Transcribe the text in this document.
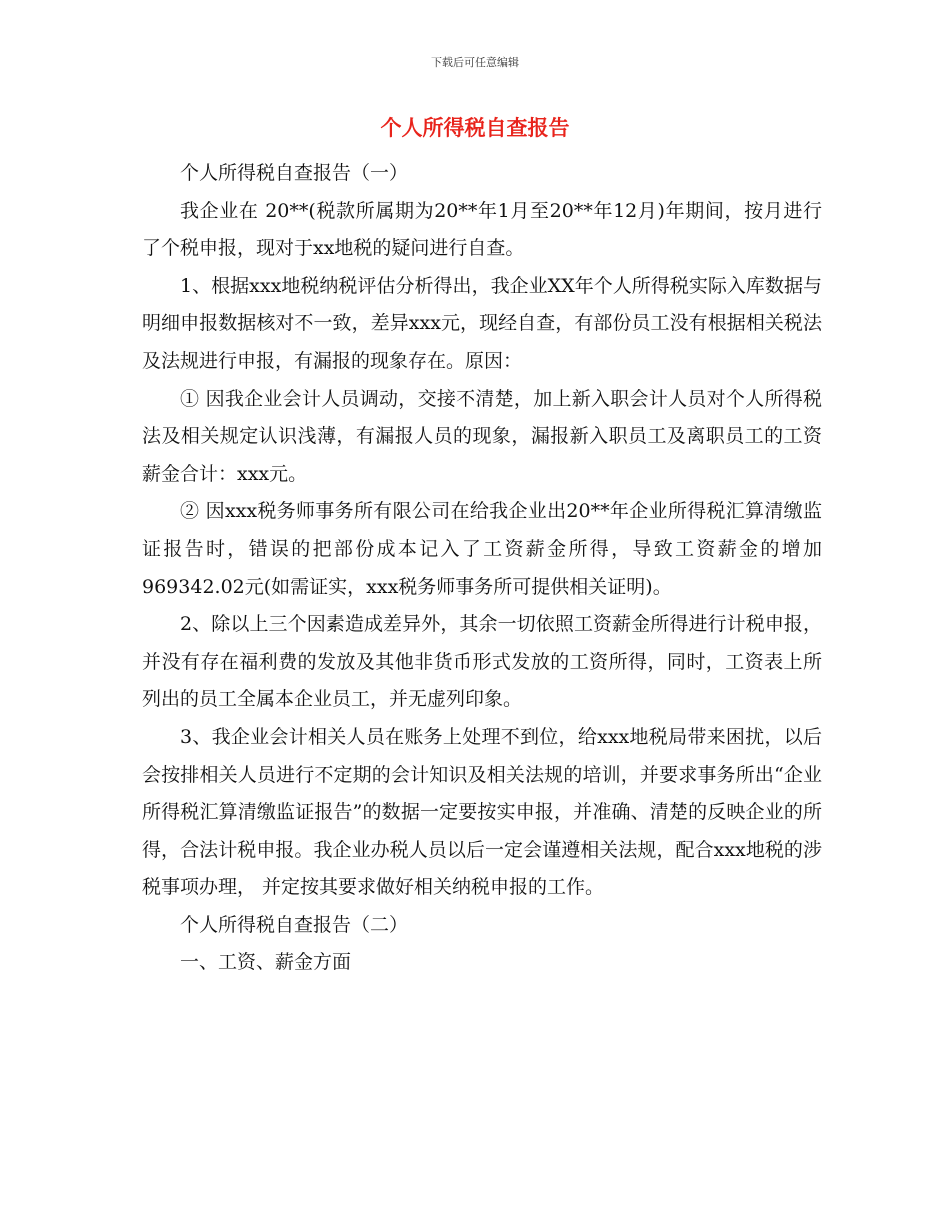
下载后可任意编辑
个人所得税自查报告

个人所得税自查报告（一）

我企业在 20**(税款所属期为20**年1月至20**年12月)年期间，按月进行了个税申报，现对于xx地税的疑问进行自查。

1、根据xxx地税纳税评估分析得出，我企业XX年个人所得税实际入库数据与明细申报数据核对不一致，差异xxx元，现经自查，有部份员工没有根据相关税法及法规进行申报，有漏报的现象存在。原因：

① 因我企业会计人员调动，交接不清楚，加上新入职会计人员对个人所得税法及相关规定认识浅薄，有漏报人员的现象，漏报新入职员工及离职员工的工资薪金合计：xxx元。

② 因xxx税务师事务所有限公司在给我企业出20**年企业所得税汇算清缴监证报告时，错误的把部份成本记入了工资薪金所得，导致工资薪金的增加969342.02元(如需证实，xxx税务师事务所可提供相关证明)。

2、除以上三个因素造成差异外，其余一切依照工资薪金所得进行计税申报，并没有存在福利费的发放及其他非货币形式发放的工资所得，同时，工资表上所列出的员工全属本企业员工，并无虚列印象。

3、我企业会计相关人员在账务上处理不到位，给xxx地税局带来困扰，以后会按排相关人员进行不定期的会计知识及相关法规的培训，并要求事务所出“企业所得税汇算清缴监证报告”的数据一定要按实申报，并准确、清楚的反映企业的所得，合法计税申报。我企业办税人员以后一定会谨遵相关法规，配合xxx地税的涉税事项办理， 并定按其要求做好相关纳税申报的工作。

个人所得税自查报告（二）

一、工资、薪金方面
